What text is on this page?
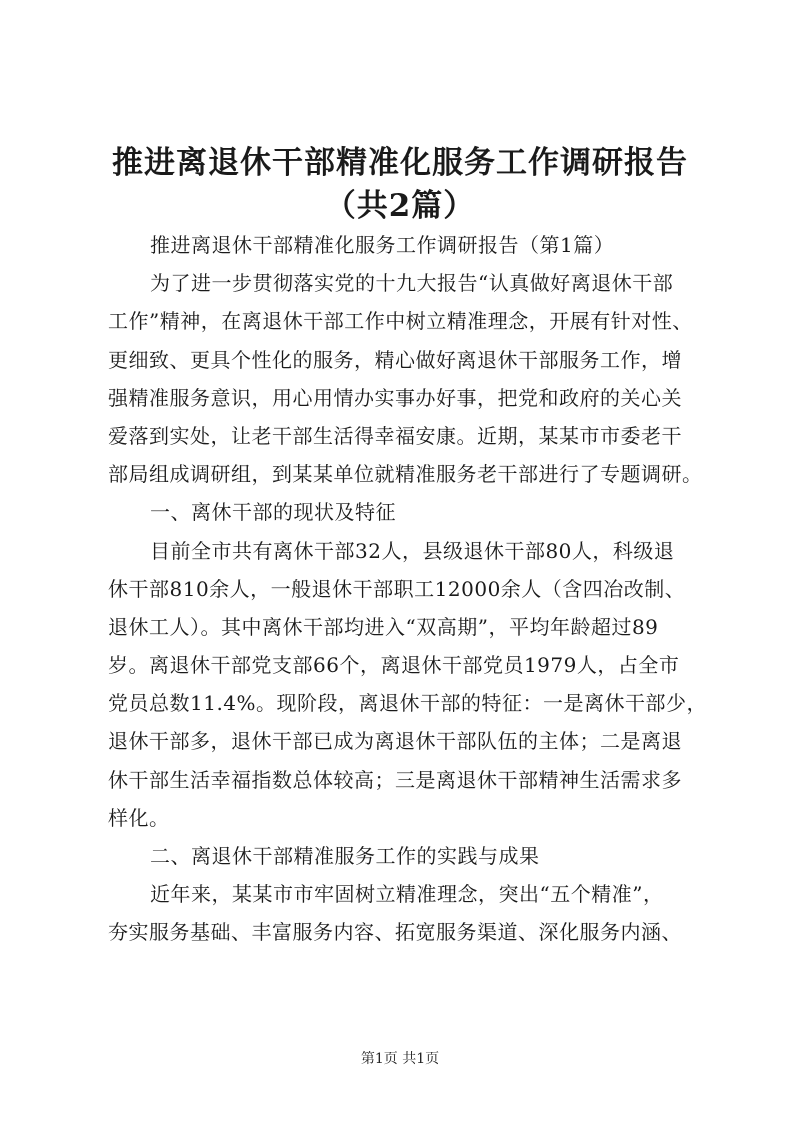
推进离退休干部精准化服务工作调研报告
（共2篇）
推进离退休干部精准化服务工作调研报告（第1篇）
为了进一步贯彻落实党的十九大报告“认真做好离退休干部
工作”精神，在离退休干部工作中树立精准理念，开展有针对性、
更细致、更具个性化的服务，精心做好离退休干部服务工作，增
强精准服务意识，用心用情办实事办好事，把党和政府的关心关
爱落到实处，让老干部生活得幸福安康。近期，某某市市委老干
部局组成调研组，到某某单位就精准服务老干部进行了专题调研。
一、离休干部的现状及特征
目前全市共有离休干部32人，县级退休干部80人，科级退
休干部810余人，一般退休干部职工12000余人（含四冶改制、
退休工人）。其中离休干部均进入“双高期”，平均年龄超过89
岁。离退休干部党支部66个，离退休干部党员1979人，占全市
党员总数11.4%。现阶段，离退休干部的特征：一是离休干部少，
退休干部多，退休干部已成为离退休干部队伍的主体；二是离退
休干部生活幸福指数总体较高；三是离退休干部精神生活需求多
样化。
二、离退休干部精准服务工作的实践与成果
近年来，某某市市牢固树立精准理念，突出“五个精准”，
夯实服务基础、丰富服务内容、拓宽服务渠道、深化服务内涵、
第1页 共1页
